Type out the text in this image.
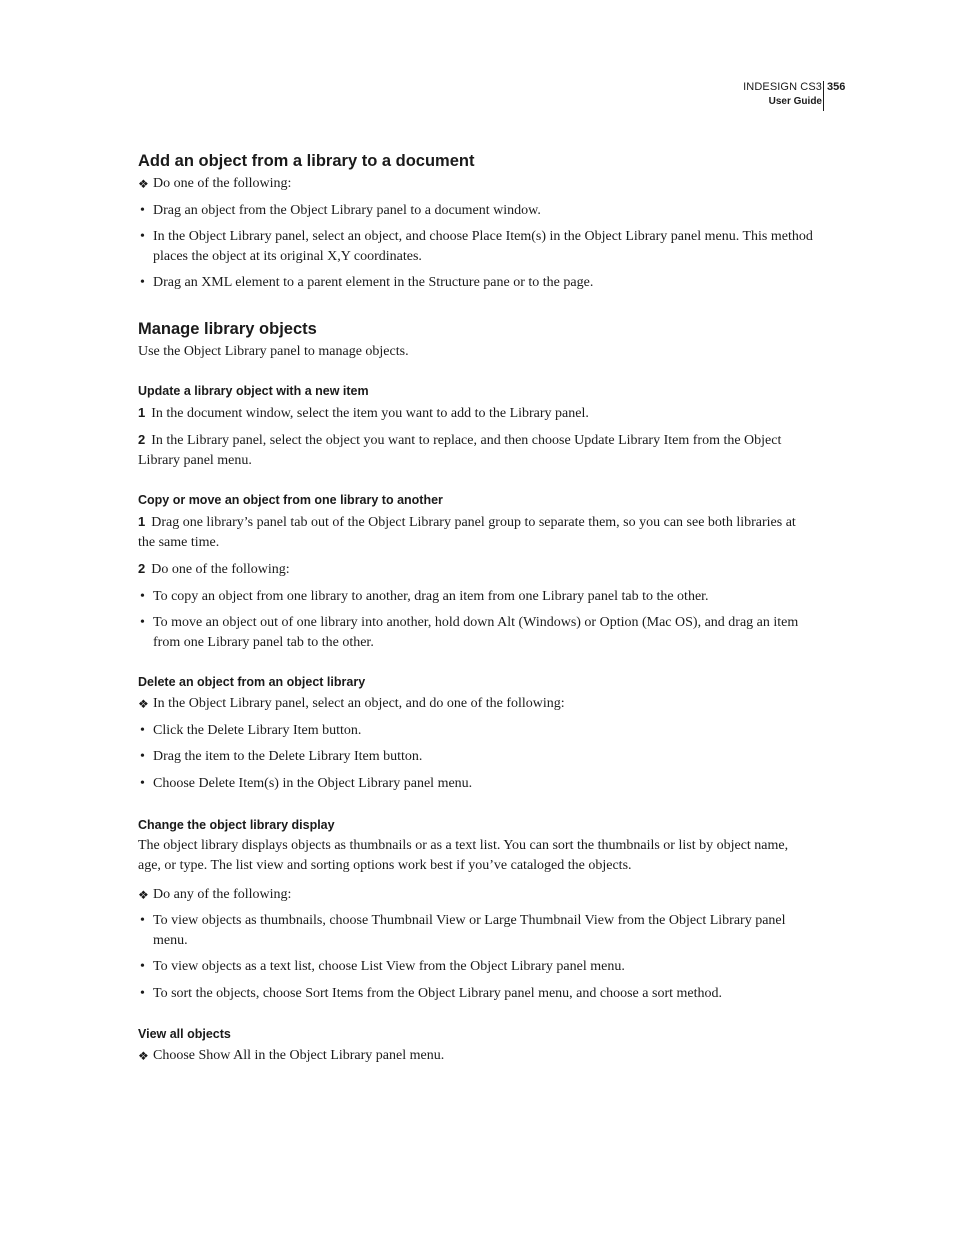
INDESIGN CS3
User Guide
356
Add an object from a library to a document
❖ Do one of the following:
• Drag an object from the Object Library panel to a document window.
• In the Object Library panel, select an object, and choose Place Item(s) in the Object Library panel menu. This method places the object at its original X,Y coordinates.
• Drag an XML element to a parent element in the Structure pane or to the page.
Manage library objects

Use the Object Library panel to manage objects.

Update a library object with a new item
1 In the document window, select the item you want to add to the Library panel.
2 In the Library panel, select the object you want to replace, and then choose Update Library Item from the Object Library panel menu.
Copy or move an object from one library to another
1 Drag one library’s panel tab out of the Object Library panel group to separate them, so you can see both libraries at the same time.
2 Do one of the following:
• To copy an object from one library to another, drag an item from one Library panel tab to the other.
• To move an object out of one library into another, hold down Alt (Windows) or Option (Mac OS), and drag an item from one Library panel tab to the other.
Delete an object from an object library
❖ In the Object Library panel, select an object, and do one of the following:
• Click the Delete Library Item button.
• Drag the item to the Delete Library Item button.
• Choose Delete Item(s) in the Object Library panel menu.
Change the object library display

The object library displays objects as thumbnails or as a text list. You can sort the thumbnails or list by object name, age, or type. The list view and sorting options work best if you’ve cataloged the objects.

❖ Do any of the following:
• To view objects as thumbnails, choose Thumbnail View or Large Thumbnail View from the Object Library panel menu.
• To view objects as a text list, choose List View from the Object Library panel menu.
• To sort the objects, choose Sort Items from the Object Library panel menu, and choose a sort method.
View all objects
❖ Choose Show All in the Object Library panel menu.
